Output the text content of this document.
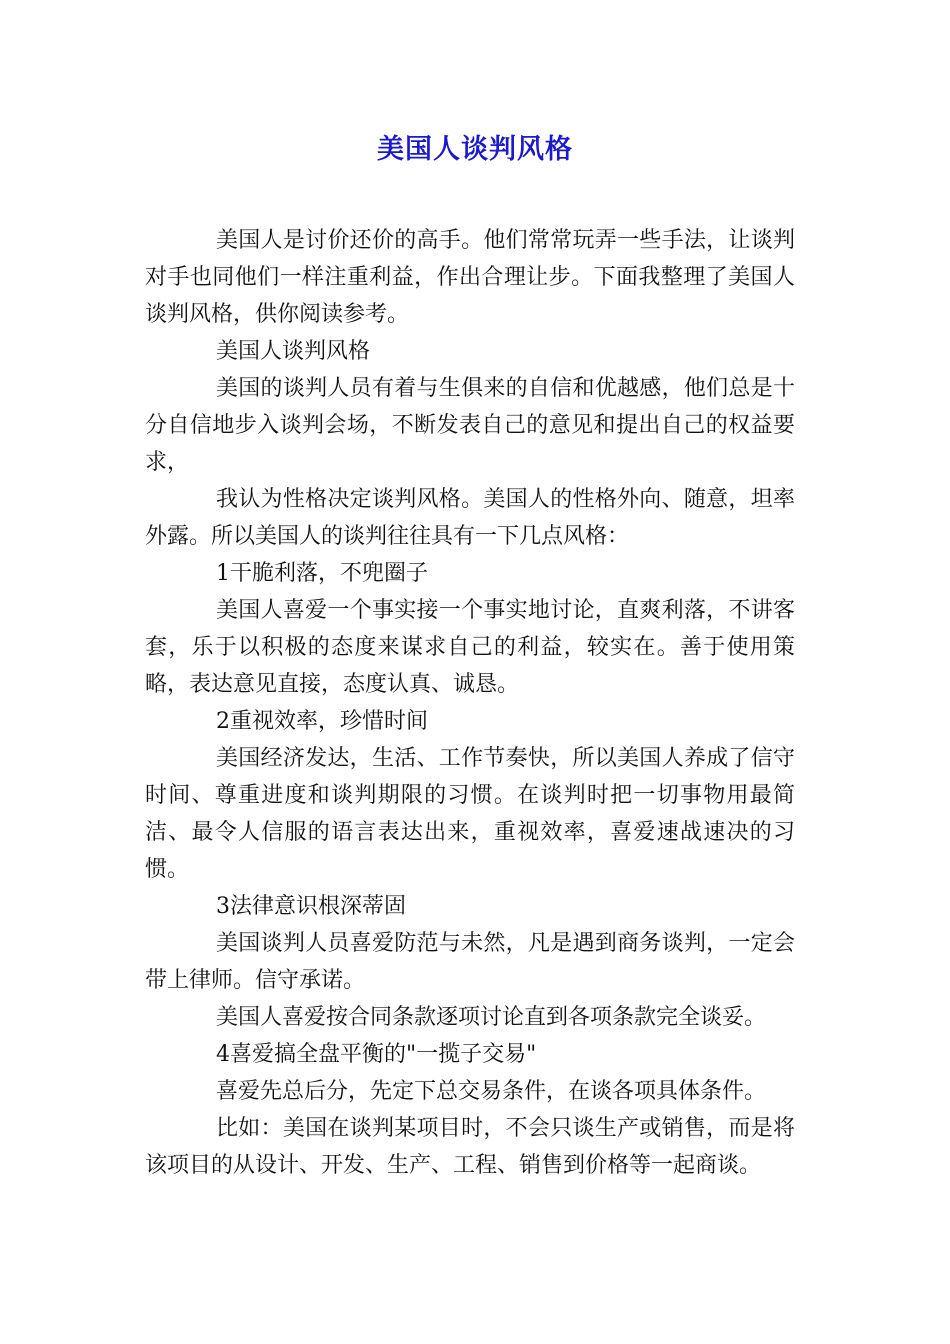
美国人谈判风格

美国人是讨价还价的高手。他们常常玩弄一些手法，让谈判对手也同他们一样注重利益，作出合理让步。下面我整理了美国人谈判风格，供你阅读参考。

美国人谈判风格

美国的谈判人员有着与生俱来的自信和优越感，他们总是十分自信地步入谈判会场，不断发表自己的意见和提出自己的权益要求，

我认为性格决定谈判风格。美国人的性格外向、随意，坦率外露。所以美国人的谈判往往具有一下几点风格：

1干脆利落，不兜圈子

美国人喜爱一个事实接一个事实地讨论，直爽利落，不讲客套，乐于以积极的态度来谋求自己的利益，较实在。善于使用策略，表达意见直接，态度认真、诚恳。

2重视效率，珍惜时间

美国经济发达，生活、工作节奏快，所以美国人养成了信守时间、尊重进度和谈判期限的习惯。在谈判时把一切事物用最简洁、最令人信服的语言表达出来，重视效率，喜爱速战速决的习惯。

3法律意识根深蒂固

美国谈判人员喜爱防范与未然，凡是遇到商务谈判，一定会带上律师。信守承诺。

美国人喜爱按合同条款逐项讨论直到各项条款完全谈妥。

4喜爱搞全盘平衡的"一揽子交易"

喜爱先总后分，先定下总交易条件，在谈各项具体条件。

比如：美国在谈判某项目时，不会只谈生产或销售，而是将该项目的从设计、开发、生产、工程、销售到价格等一起商谈。
